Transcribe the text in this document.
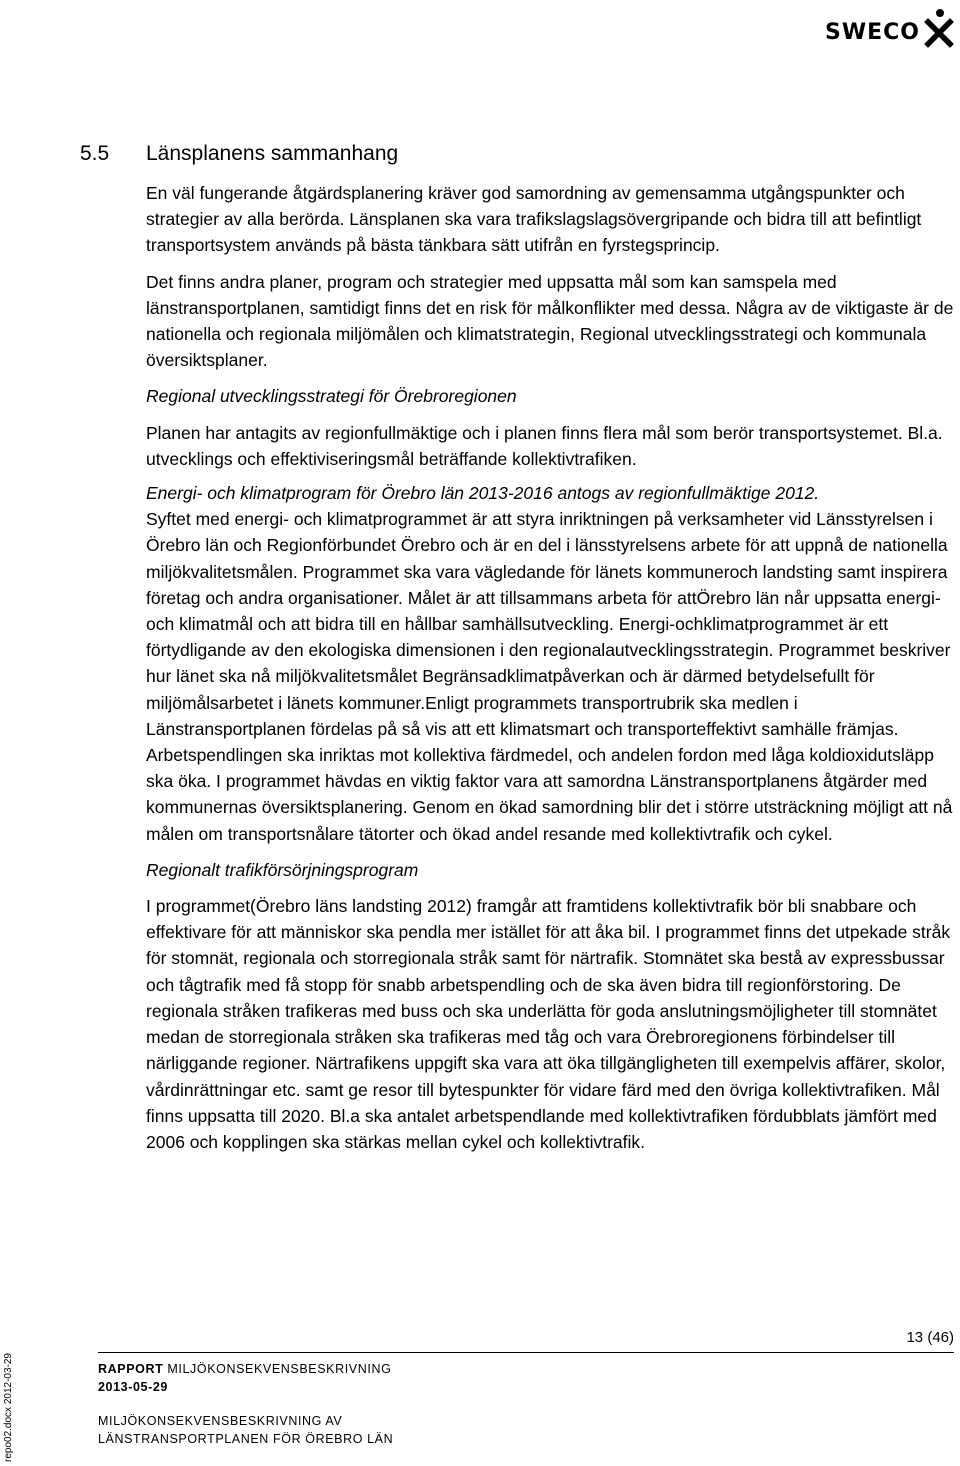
SWECO
5.5 Länsplanens sammanhang

En väl fungerande åtgärdsplanering kräver god samordning av gemensamma utgångspunkter och strategier av alla berörda. Länsplanen ska vara trafikslagslagsövergripande och bidra till att befintligt transportsystem används på bästa tänkbara sätt utifrån en fyrstegsprincip.

Det finns andra planer, program och strategier med uppsatta mål som kan samspela med länstransportplanen, samtidigt finns det en risk för målkonflikter med dessa. Några av de viktigaste är de nationella och regionala miljömålen och klimatstrategin, Regional utvecklingsstrategi och kommunala översiktsplaner.

Regional utvecklingsstrategi för Örebroregionen

Planen har antagits av regionfullmäktige och i planen finns flera mål som berör transportsystemet. Bl.a. utvecklings och effektiviseringsmål beträffande kollektivtrafiken.

Energi- och klimatprogram för Örebro län 2013-2016 antogs av regionfullmäktige 2012.

Syftet med energi- och klimatprogrammet är att styra inriktningen på verksamheter vid Länsstyrelsen i Örebro län och Regionförbundet Örebro och är en del i länsstyrelsens arbete för att uppnå de nationella miljökvalitetsmålen. Programmet ska vara vägledande för länets kommuneroch landsting samt inspirera företag och andra organisationer. Målet är att tillsammans arbeta för attÖrebro län når uppsatta energi- och klimatmål och att bidra till en hållbar samhällsutveckling. Energi-ochklimatprogrammet är ett förtydligande av den ekologiska dimensionen i den regionalautvecklingsstrategin. Programmet beskriver hur länet ska nå miljökvalitetsmålet Begränsadklimatpåverkan och är därmed betydelsefullt för miljömålsarbetet i länets kommuner.Enligt programmets transportrubrik ska medlen i Länstransportplanen fördelas på så vis att ett klimatsmart och transporteffektivt samhälle främjas. Arbetspendlingen ska inriktas mot kollektiva färdmedel, och andelen fordon med låga koldioxidutsläpp ska öka. I programmet hävdas en viktig faktor vara att samordna Länstransportplanens åtgärder med kommunernas översiktsplanering. Genom en ökad samordning blir det i större utsträckning möjligt att nå målen om transportsnålare tätorter och ökad andel resande med kollektivtrafik och cykel.

Regionalt trafikförsörjningsprogram

I programmet(Örebro läns landsting 2012) framgår att framtidens kollektivtrafik bör bli snabbare och effektivare för att människor ska pendla mer istället för att åka bil. I programmet finns det utpekade stråk för stomnät, regionala och storregionala stråk samt för närtrafik. Stomnätet ska bestå av expressbussar och tågtrafik med få stopp för snabb arbetspendling och de ska även bidra till regionförstoring. De regionala stråken trafikeras med buss och ska underlätta för goda anslutningsmöjligheter till stomnätet medan de storregionala stråken ska trafikeras med tåg och vara Örebroregionens förbindelser till närliggande regioner. Närtrafikens uppgift ska vara att öka tillgängligheten till exempelvis affärer, skolor, vårdinrättningar etc. samt ge resor till bytespunkter för vidare färd med den övriga kollektivtrafiken. Mål finns uppsatta till 2020. Bl.a ska antalet arbetspendlande med kollektivtrafiken fördubblats jämfört med 2006 och kopplingen ska stärkas mellan cykel och kollektivtrafik.

13 (46)
RAPPORT MILJÖKONSEKVENSBESKRIVNING
2013-05-29
MILJÖKONSEKVENSBESKRIVNING AV
LÄNSTRANSPORTPLANEN FÖR ÖREBRO LÄN
repo02.docx 2012-03-29
